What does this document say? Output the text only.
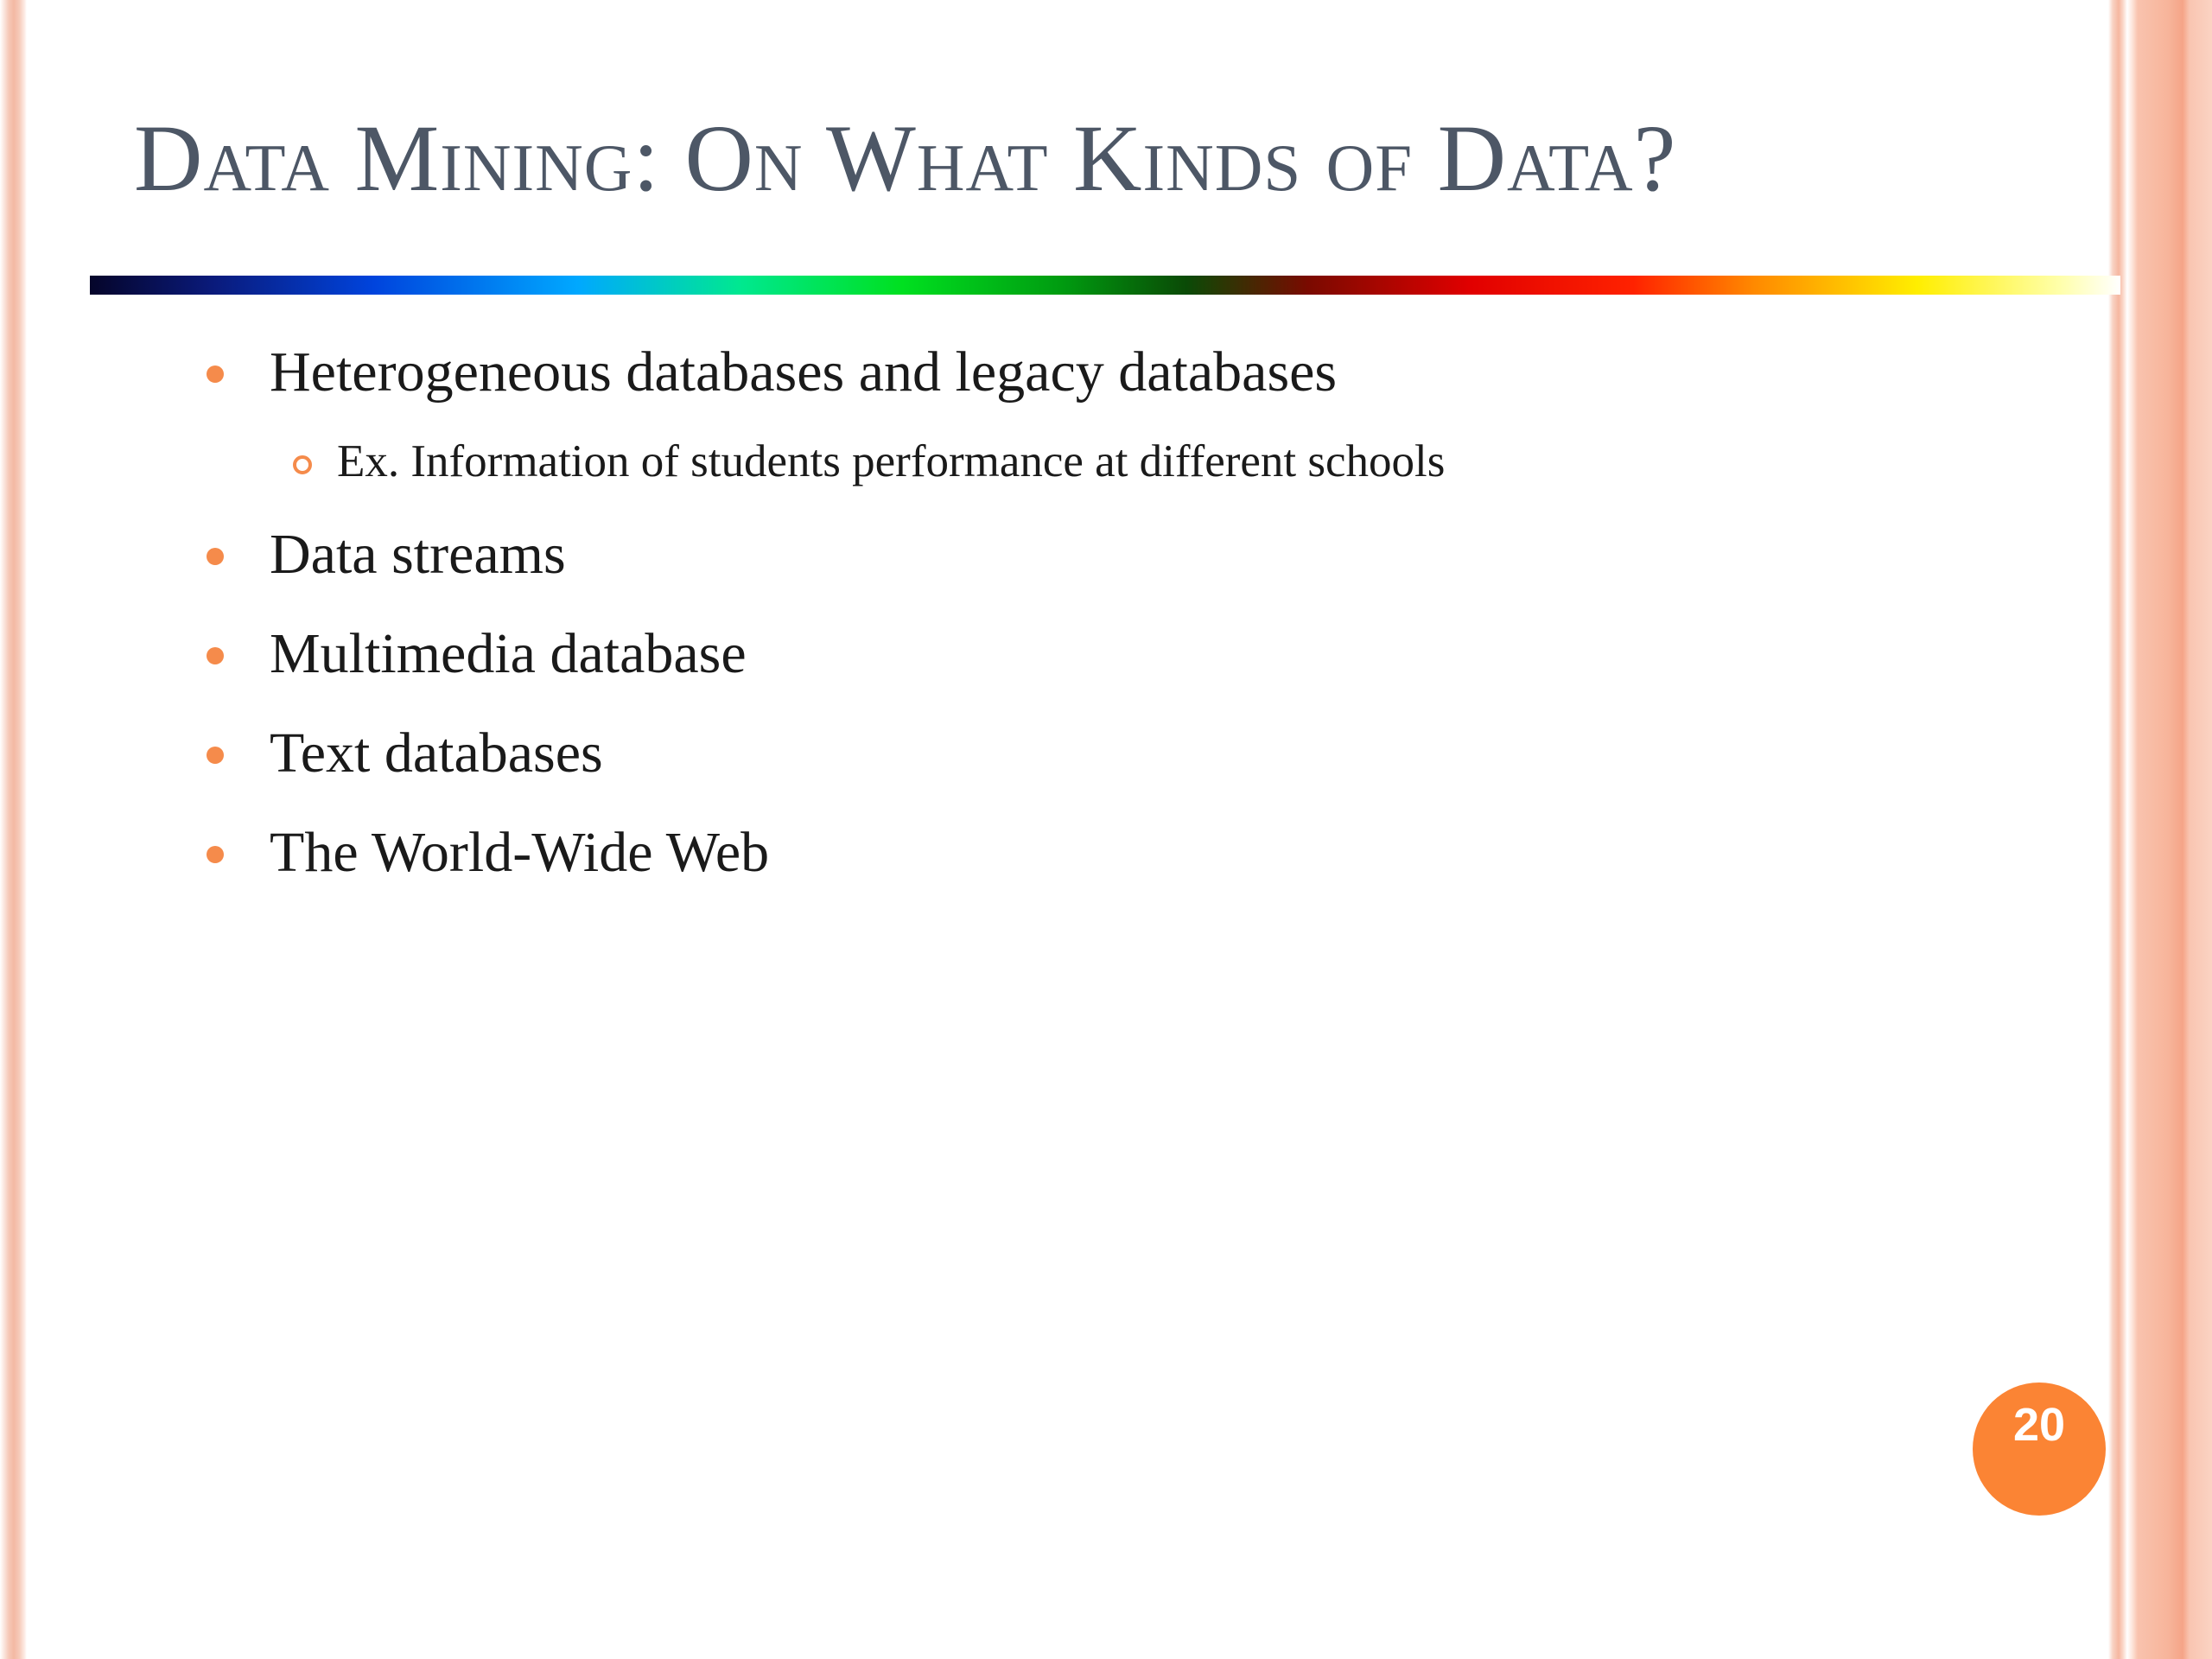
Data Mining: On What Kinds of Data?
Heterogeneous databases and legacy databases
Ex. Information of students performance at different schools
Data streams
Multimedia database
Text databases
The World-Wide Web
20
